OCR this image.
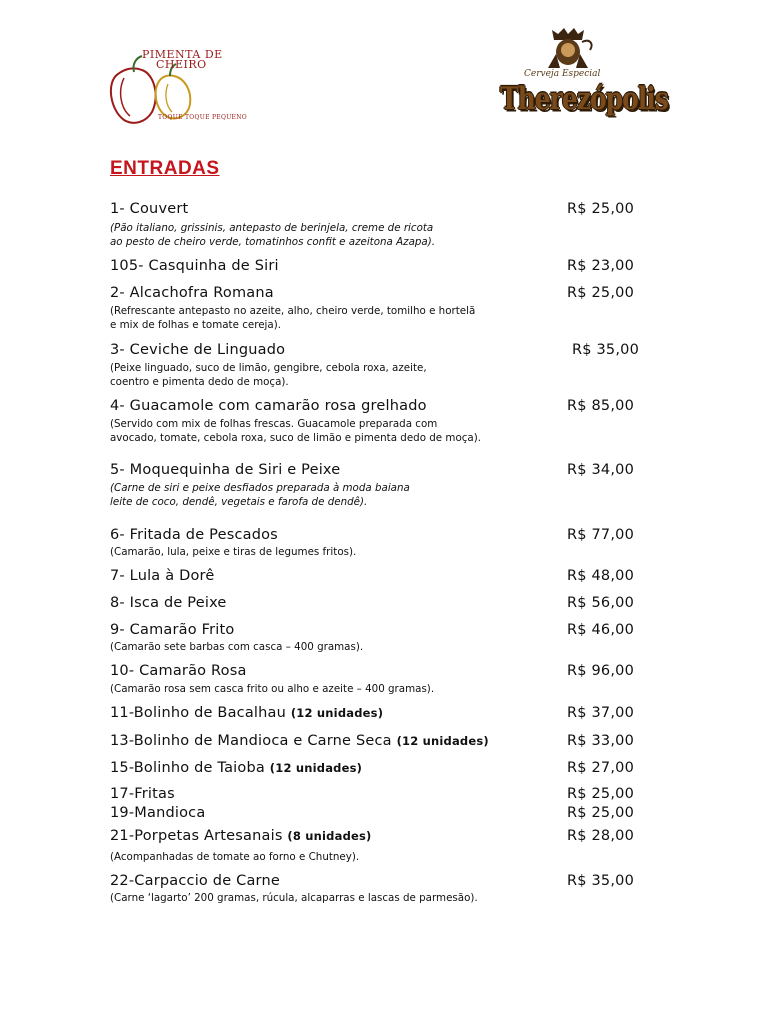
PIMENTA DE
CHEIRO
TOQUE TOQUE PEQUENO
Cerveja Especial
Therezópolis
ENTRADAS
1- Couvert	R$ 25,00
(Pão italiano, grissinis, antepasto de berinjela, creme de ricota
ao pesto de cheiro verde, tomatinhos confit e azeitona Azapa).
105- Casquinha de Siri	R$ 23,00
2- Alcachofra Romana	R$ 25,00
(Refrescante antepasto no azeite, alho, cheiro verde, tomilho e hortelã
e mix de folhas e tomate cereja).
3- Ceviche de Linguado	R$ 35,00
(Peixe linguado, suco de limão, gengibre, cebola roxa, azeite,
coentro e pimenta dedo de moça).
4- Guacamole com camarão rosa grelhado	R$ 85,00
(Servido com mix de folhas frescas. Guacamole preparada com
avocado, tomate, cebola roxa, suco de limão e pimenta dedo de moça).
5- Moquequinha de Siri e Peixe	R$ 34,00
(Carne de siri e peixe desfiados preparada à moda baiana
leite de coco, dendê, vegetais e farofa de dendê).
6- Fritada de Pescados	R$ 77,00
(Camarão, lula, peixe e tiras de legumes fritos).
7- Lula à Dorê	R$ 48,00
8- Isca de Peixe	R$ 56,00
9- Camarão Frito	R$ 46,00
(Camarão sete barbas com casca – 400 gramas).
10- Camarão Rosa	R$ 96,00
(Camarão rosa sem casca frito ou alho e azeite – 400 gramas).
11-Bolinho de Bacalhau (12 unidades)	R$ 37,00
13-Bolinho de Mandioca e Carne Seca (12 unidades)	R$ 33,00
15-Bolinho de Taioba (12 unidades)	R$ 27,00
17-Fritas	R$ 25,00
19-Mandioca	R$ 25,00
21-Porpetas Artesanais (8 unidades)	R$ 28,00
(Acompanhadas de tomate ao forno e Chutney).
22-Carpaccio de Carne	R$ 35,00
(Carne ‘lagarto’ 200 gramas, rúcula, alcaparras e lascas de parmesão).
